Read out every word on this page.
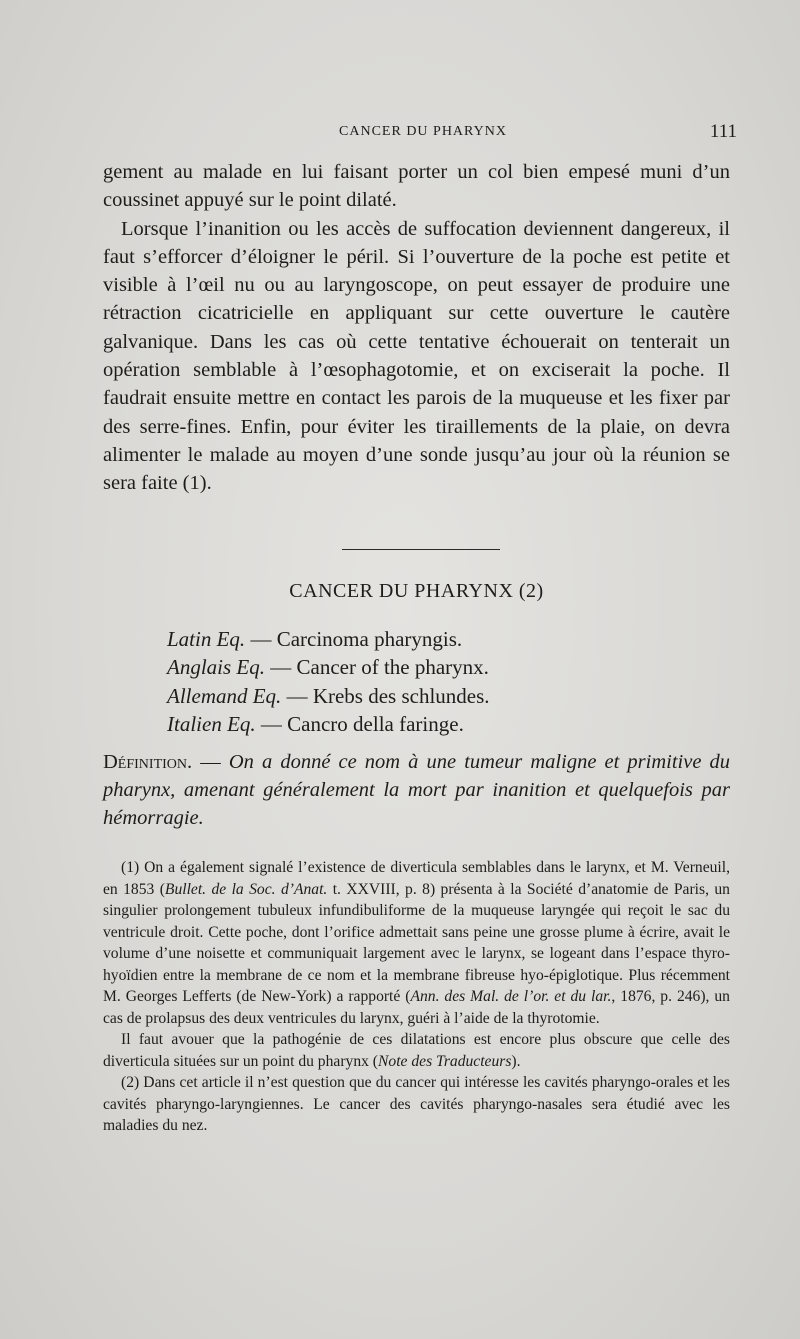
CANCER DU PHARYNX	111

gement au malade en lui faisant porter un col bien empesé muni d’un coussinet appuyé sur le point dilaté.

Lorsque l’inanition ou les accès de suffocation deviennent dangereux, il faut s’efforcer d’éloigner le péril. Si l’ouverture de la poche est petite et visible à l’œil nu ou au laryngoscope, on peut essayer de produire une rétraction cicatricielle en appliquant sur cette ouverture le cautère galvanique. Dans les cas où cette tentative échouerait on tenterait un opération semblable à l’œsophagotomie, et on exciserait la poche. Il faudrait ensuite mettre en contact les parois de la muqueuse et les fixer par des serre-fines. Enfin, pour éviter les tiraillements de la plaie, on devra alimenter le malade au moyen d’une sonde jusqu’au jour où la réunion se sera faite (1).

CANCER DU PHARYNX (2)
Latin Eq. — Carcinoma pharyngis.
Anglais Eq. — Cancer of the pharynx.
Allemand Eq. — Krebs des schlundes.
Italien Eq. — Cancro della faringe.
Définition. — On a donné ce nom à une tumeur maligne et primitive du pharynx, amenant généralement la mort par inanition et quelquefois par hémorragie.

(1) On a également signalé l’existence de diverticula semblables dans le larynx, et M. Verneuil, en 1853 (Bullet. de la Soc. d’Anat. t. XXVIII, p. 8) présenta à la Société d’anatomie de Paris, un singulier prolongement tubuleux infundibuliforme de la muqueuse laryngée qui reçoit le sac du ventricule droit. Cette poche, dont l’orifice admettait sans peine une grosse plume à écrire, avait le volume d’une noisette et communiquait largement avec le larynx, se logeant dans l’espace thyro-hyoïdien entre la membrane de ce nom et la membrane fibreuse hyo-épiglotique. Plus récemment M. Georges Lefferts (de New-York) a rapporté (Ann. des Mal. de l’or. et du lar., 1876, p. 246), un cas de prolapsus des deux ventricules du larynx, guéri à l’aide de la thyrotomie.

Il faut avouer que la pathogénie de ces dilatations est encore plus obscure que celle des diverticula situées sur un point du pharynx (Note des Traducteurs).

(2) Dans cet article il n’est question que du cancer qui intéresse les cavités pharyngo-orales et les cavités pharyngo-laryngiennes. Le cancer des cavités pharyngo-nasales sera étudié avec les maladies du nez.
